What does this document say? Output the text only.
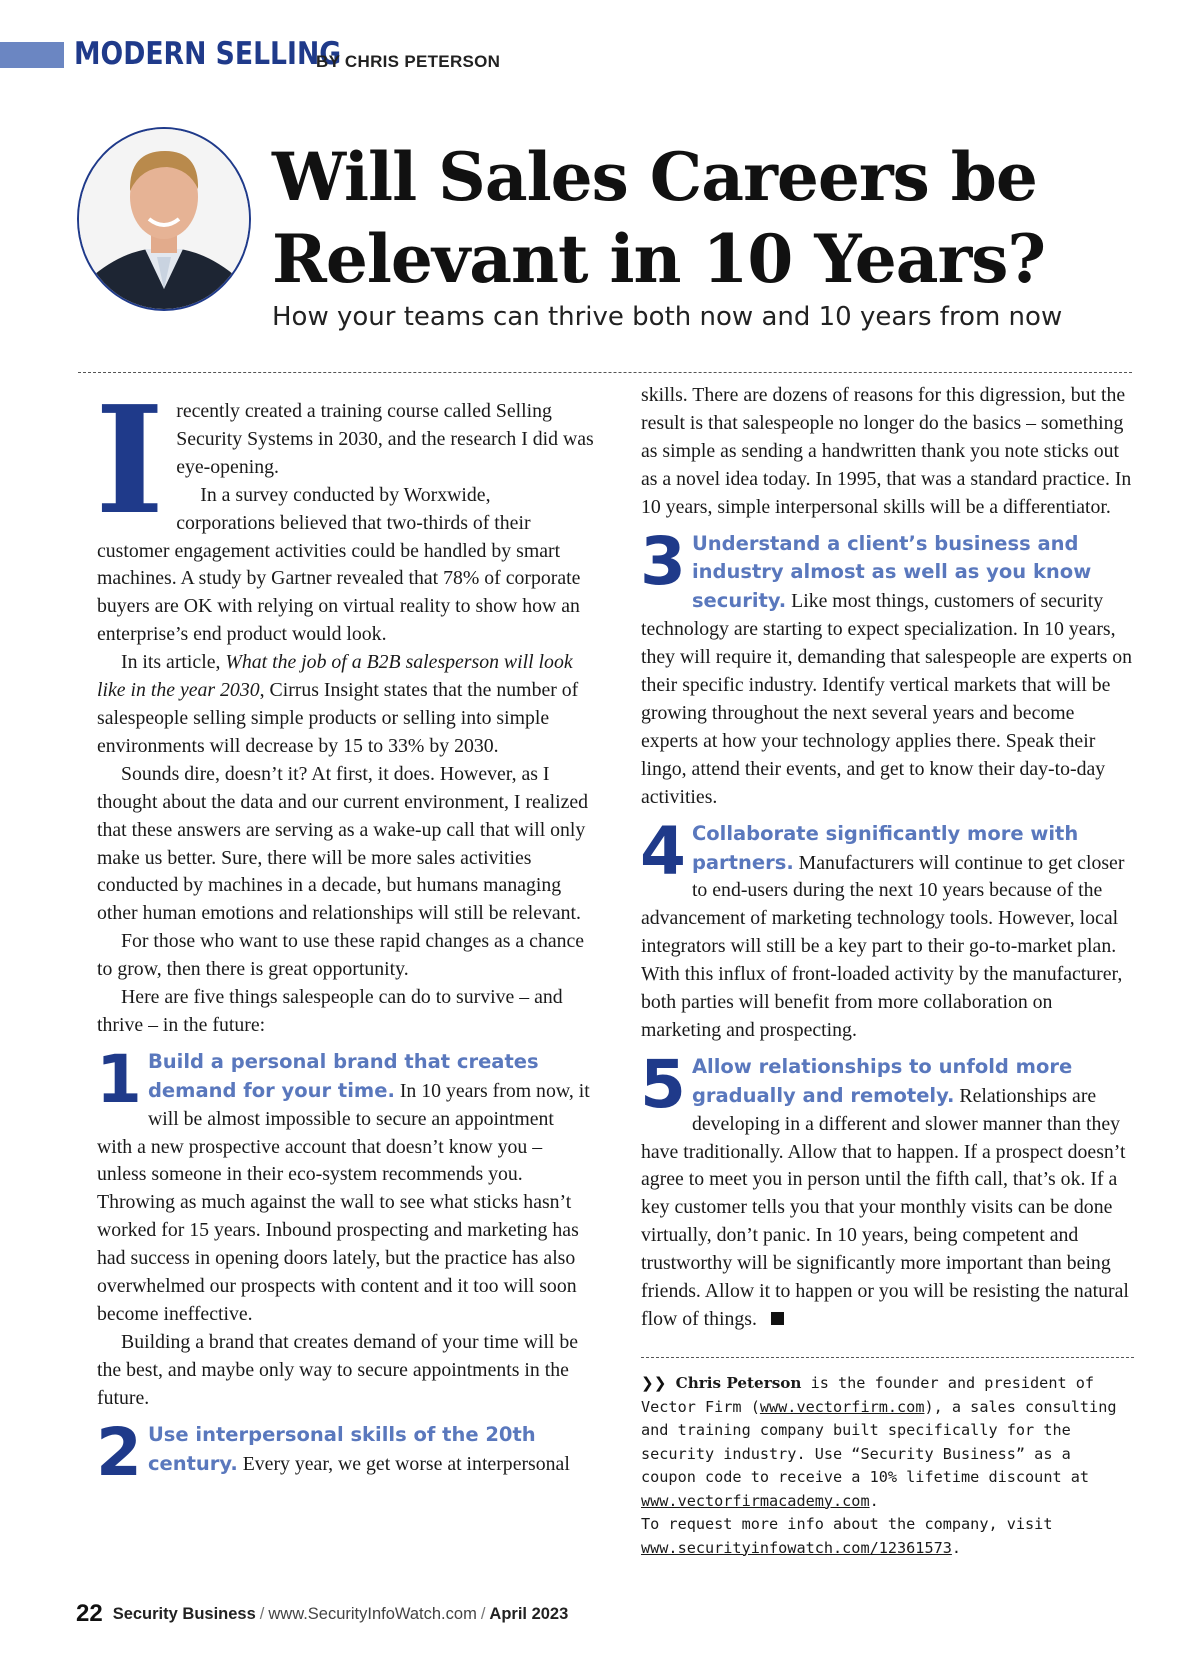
MODERN SELLING
BY CHRIS PETERSON
Will Sales Careers be
Relevant in 10 Years?
How your teams can thrive both now and 10 years from now

Irecently created a training course called Selling Security Systems in 2030, and the research I did was eye-opening.

In a survey conducted by Worxwide, corporations believed that two-thirds of their customer engagement activities could be handled by smart machines. A study by Gartner revealed that 78% of corporate buyers are OK with relying on virtual reality to show how an enterprise’s end product would look.

In its article, What the job of a B2B salesperson will look like in the year 2030, Cirrus Insight states that the number of salespeople selling simple products or selling into simple environments will decrease by 15 to 33% by 2030.

Sounds dire, doesn’t it? At first, it does. However, as I thought about the data and our current environment, I realized that these answers are serving as a wake-up call that will only make us better. Sure, there will be more sales activities conducted by machines in a decade, but humans managing other human emotions and relationships will still be relevant.

For those who want to use these rapid changes as a chance to grow, then there is great opportunity.

Here are five things salespeople can do to survive – and thrive – in the future:

1 Build a personal brand that creates demand for your time. In 10 years from now, it will be almost impossible to secure an appointment with a new prospective account that doesn’t know you – unless someone in their eco-system recommends you. Throwing as much against the wall to see what sticks hasn’t worked for 15 years. Inbound prospecting and marketing has had success in opening doors lately, but the practice has also overwhelmed our prospects with content and it too will soon become ineffective.

Building a brand that creates demand of your time will be the best, and maybe only way to secure appointments in the future.

2 Use interpersonal skills of the 20th century. Every year, we get worse at interpersonal

skills. There are dozens of reasons for this digression, but the result is that salespeople no longer do the basics – something as simple as sending a handwritten thank you note sticks out as a novel idea today. In 1995, that was a standard practice. In 10 years, simple interpersonal skills will be a differentiator.

3 Understand a client’s business and industry almost as well as you know security. Like most things, customers of security technology are starting to expect specialization. In 10 years, they will require it, demanding that salespeople are experts on their specific industry. Identify vertical markets that will be growing throughout the next several years and become experts at how your technology applies there. Speak their lingo, attend their events, and get to know their day-to-day activities.

4 Collaborate significantly more with partners. Manufacturers will continue to get closer to end-users during the next 10 years because of the advancement of marketing technology tools. However, local integrators will still be a key part to their go-to-market plan. With this influx of front-loaded activity by the manufacturer, both parties will benefit from more collaboration on marketing and prospecting.

5 Allow relationships to unfold more gradually and remotely. Relationships are developing in a different and slower manner than they have traditionally. Allow that to happen. If a prospect doesn’t agree to meet you in person until the fifth call, that’s ok. If a key customer tells you that your monthly visits can be done virtually, don’t panic. In 10 years, being competent and trustworthy will be significantly more important than being friends. Allow it to happen or you will be resisting the natural flow of things.

❯❯ Chris Peterson is the founder and president of Vector Firm (www.vectorfirm.com), a sales consulting and training company built specifically for the security industry. Use “Security Business” as a coupon code to receive a 10% lifetime discount at www.vectorfirmacademy.com.
To request more info about the company, visit www.securityinfowatch.com/12361573.
22 Security Business / www.SecurityInfoWatch.com / April 2023
